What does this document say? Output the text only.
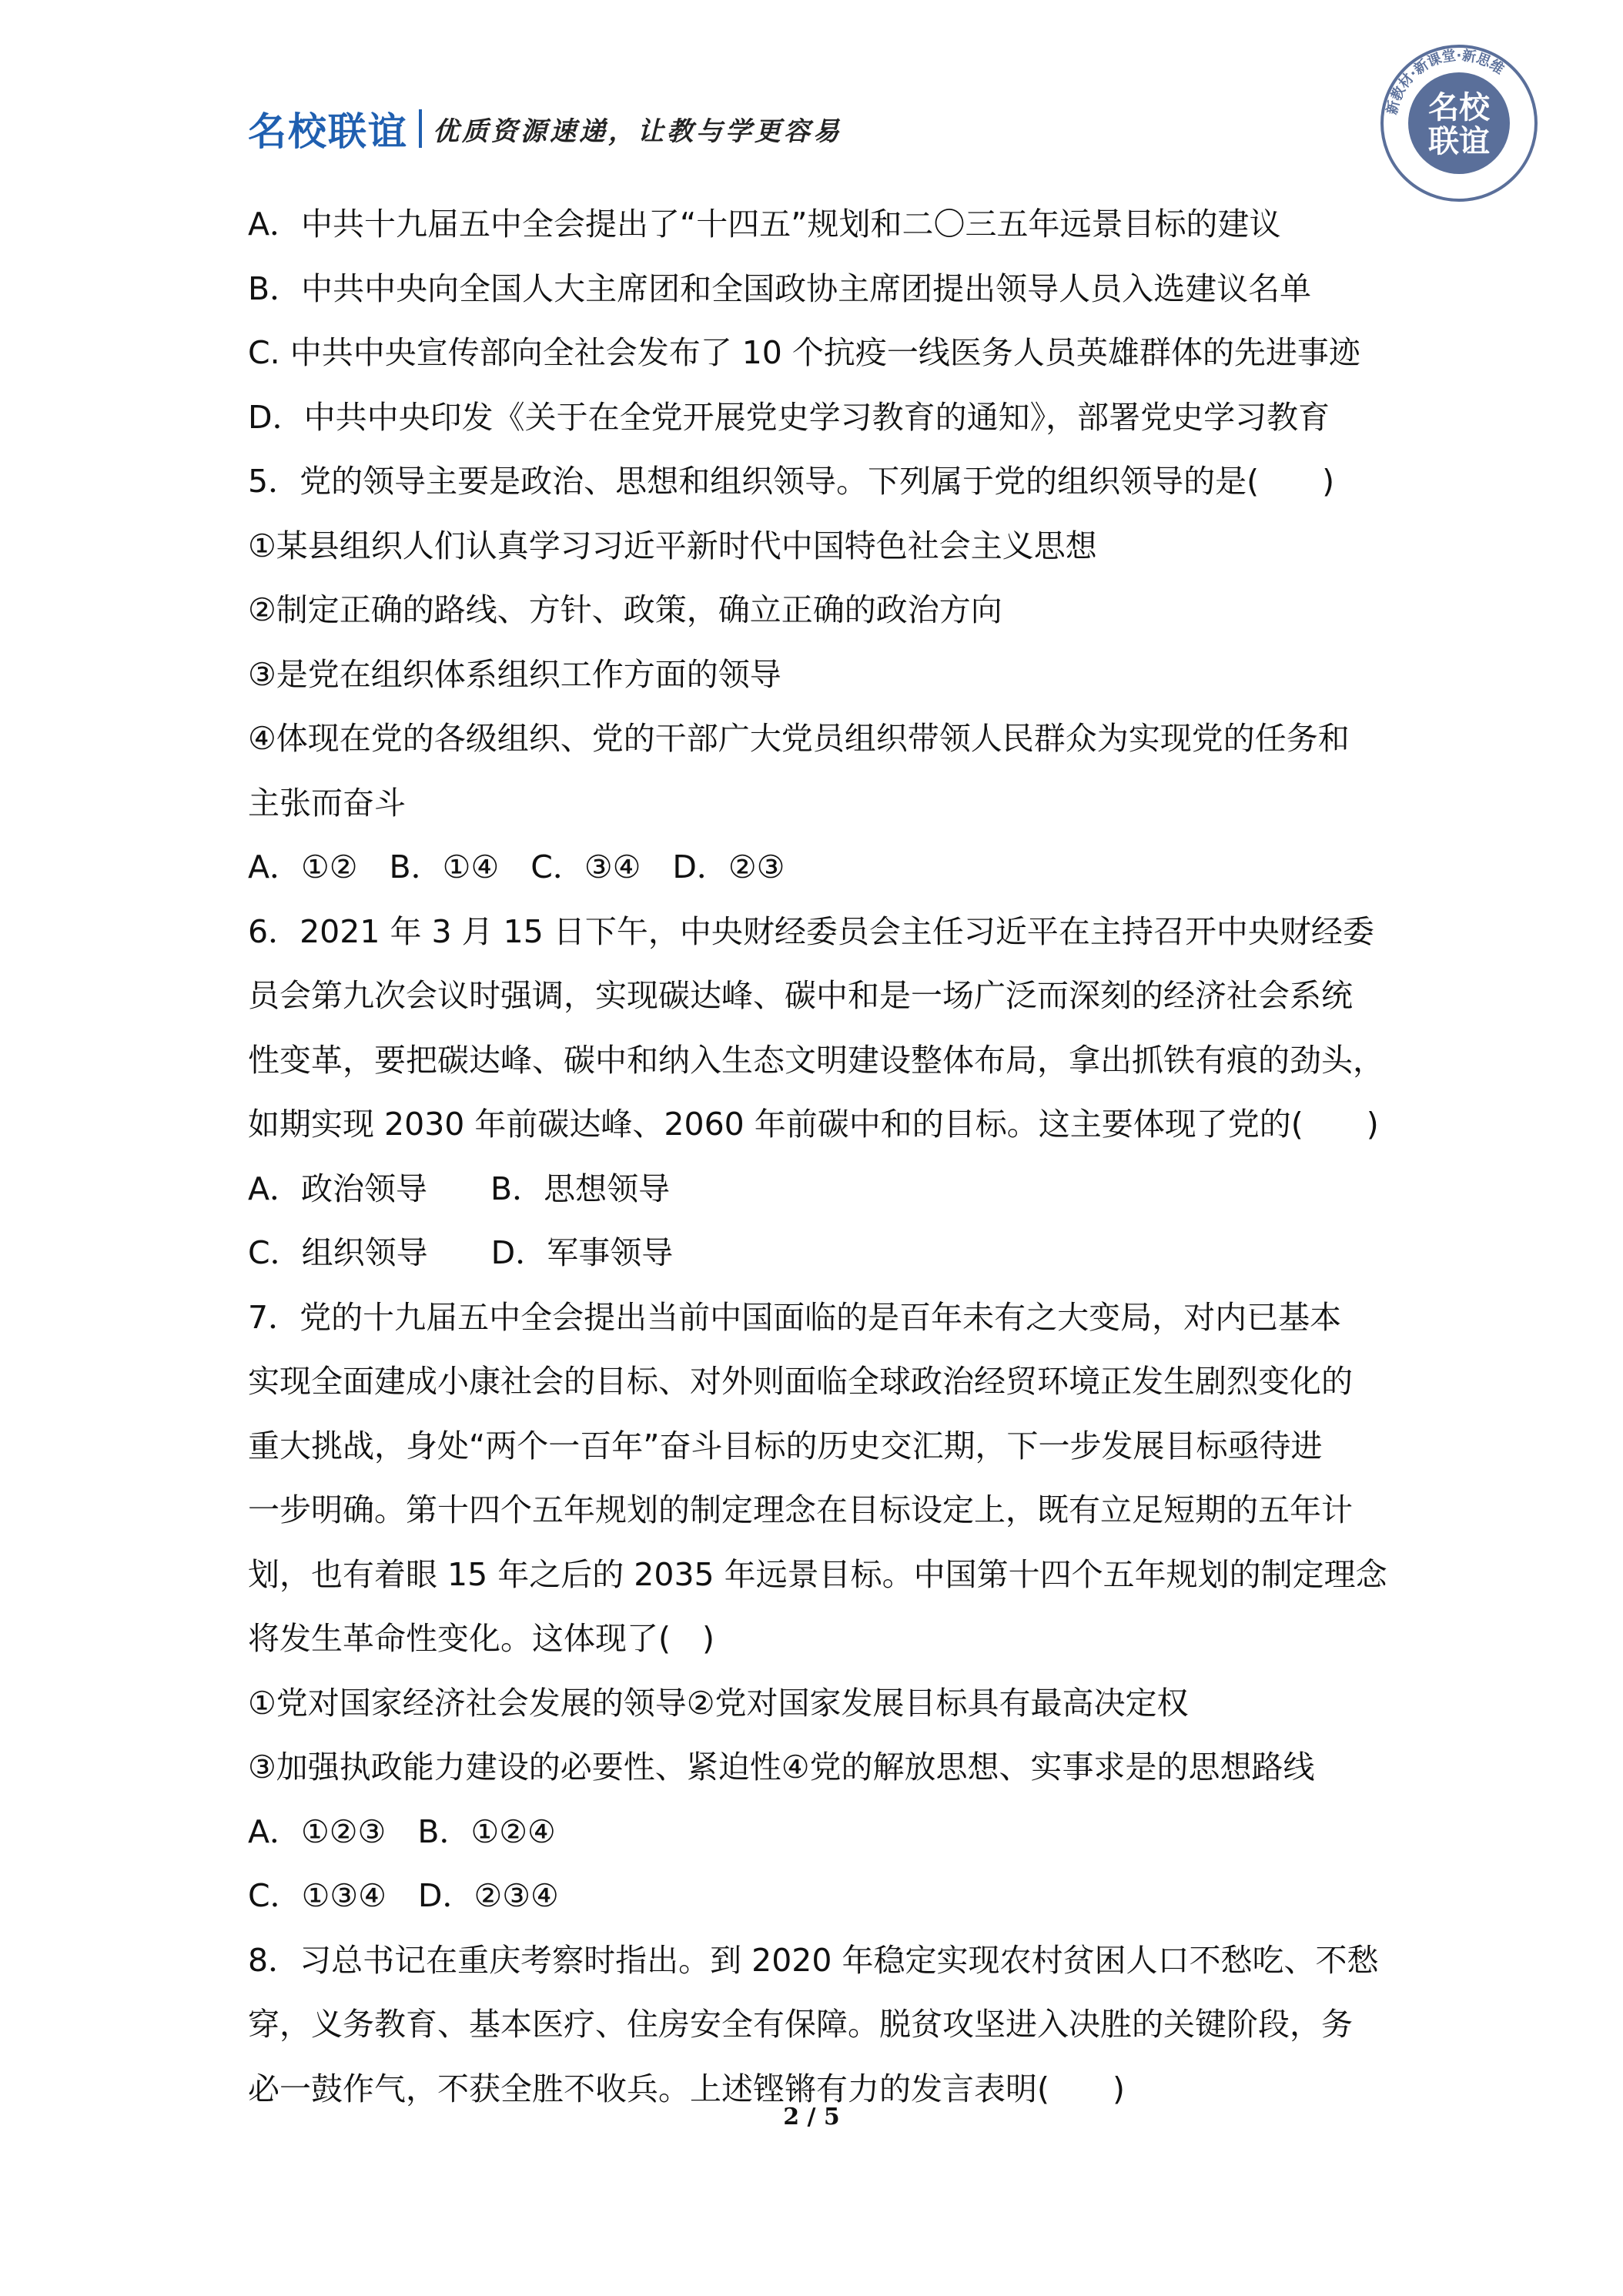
名校联谊 优质资源速递，让教与学更容易
新教材·新课堂·新思维
名校
联谊
A．中共十九届五中全会提出了“十四五”规划和二〇三五年远景目标的建议
B．中共中央向全国人大主席团和全国政协主席团提出领导人员入选建议名单
C. 中共中央宣传部向全社会发布了 10 个抗疫一线医务人员英雄群体的先进事迹
D．中共中央印发《关于在全党开展党史学习教育的通知》，部署党史学习教育
5．党的领导主要是政治、思想和组织领导。下列属于党的组织领导的是(　　)
①某县组织人们认真学习习近平新时代中国特色社会主义思想
②制定正确的路线、方针、政策，确立正确的政治方向
③是党在组织体系组织工作方面的领导
④体现在党的各级组织、党的干部广大党员组织带领人民群众为实现党的任务和
主张而奋斗
A．①②　B．①④　C．③④　D．②③
6．2021 年 3 月 15 日下午，中央财经委员会主任习近平在主持召开中央财经委
员会第九次会议时强调，实现碳达峰、碳中和是一场广泛而深刻的经济社会系统
性变革，要把碳达峰、碳中和纳入生态文明建设整体布局，拿出抓铁有痕的劲头，
如期实现 2030 年前碳达峰、2060 年前碳中和的目标。这主要体现了党的(　　)
A．政治领导　　B．思想领导
C．组织领导　　D．军事领导
7．党的十九届五中全会提出当前中国面临的是百年未有之大变局，对内已基本
实现全面建成小康社会的目标、对外则面临全球政治经贸环境正发生剧烈变化的
重大挑战，身处“两个一百年”奋斗目标的历史交汇期，下一步发展目标亟待进
一步明确。第十四个五年规划的制定理念在目标设定上，既有立足短期的五年计
划，也有着眼 15 年之后的 2035 年远景目标。中国第十四个五年规划的制定理念
将发生革命性变化。这体现了(　)
①党对国家经济社会发展的领导②党对国家发展目标具有最高决定权
③加强执政能力建设的必要性、紧迫性④党的解放思想、实事求是的思想路线
A．①②③　B．①②④
C．①③④　D．②③④
8．习总书记在重庆考察时指出。到 2020 年稳定实现农村贫困人口不愁吃、不愁
穿，义务教育、基本医疗、住房安全有保障。脱贫攻坚进入决胜的关键阶段，务
必一鼓作气，不获全胜不收兵。上述铿锵有力的发言表明(　　)
2 / 5
